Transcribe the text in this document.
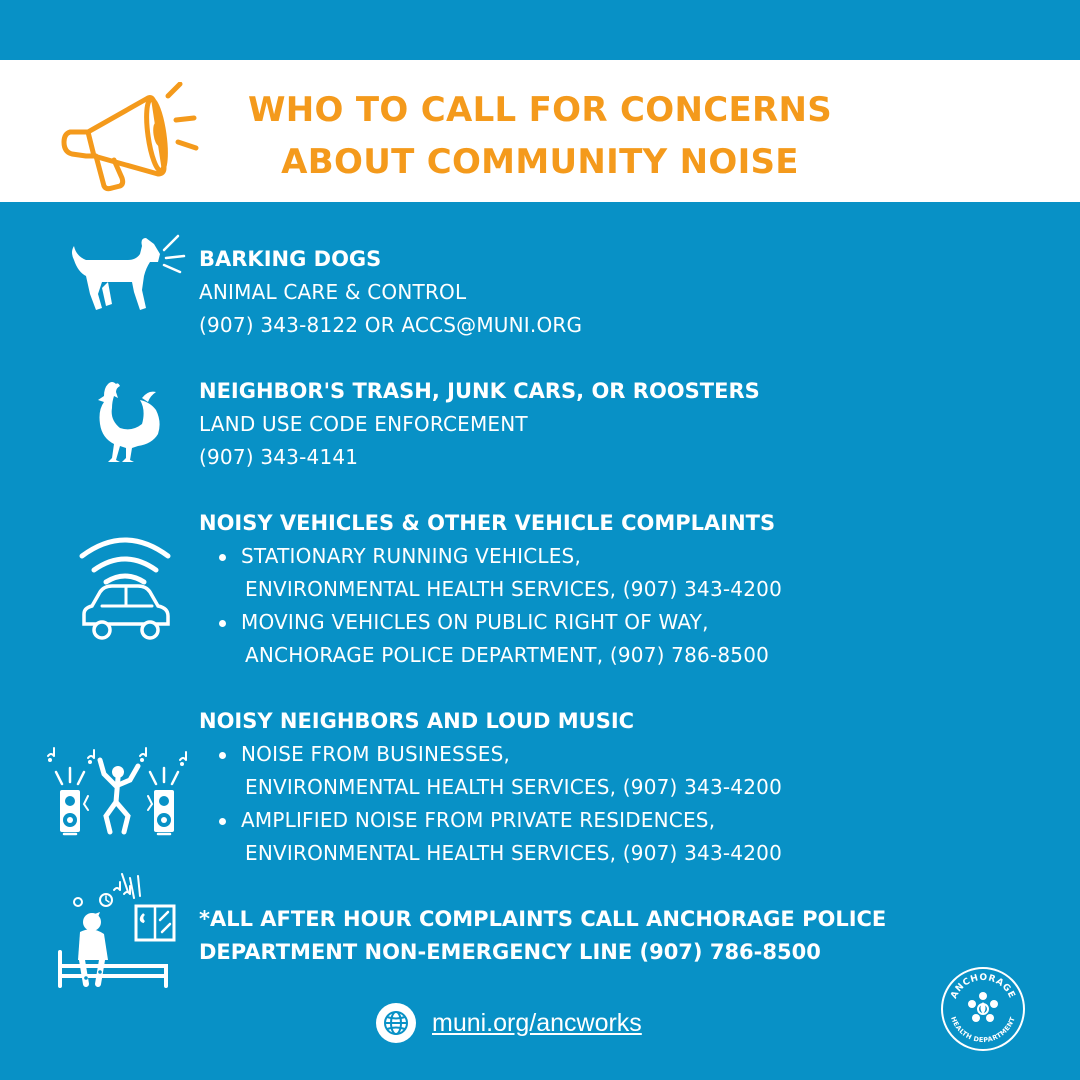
WHO TO CALL FOR CONCERNS
ABOUT COMMUNITY NOISE
BARKING DOGS
ANIMAL CARE & CONTROL
(907) 343-8122 OR ACCS@MUNI.ORG
NEIGHBOR'S TRASH, JUNK CARS, OR ROOSTERS
LAND USE CODE ENFORCEMENT
(907) 343-4141
NOISY VEHICLES & OTHER VEHICLE COMPLAINTS
STATIONARY RUNNING VEHICLES,
ENVIRONMENTAL HEALTH SERVICES, (907) 343-4200
MOVING VEHICLES ON PUBLIC RIGHT OF WAY,
ANCHORAGE POLICE DEPARTMENT, (907) 786-8500
NOISY NEIGHBORS AND LOUD MUSIC
NOISE FROM BUSINESSES,
ENVIRONMENTAL HEALTH SERVICES, (907) 343-4200
AMPLIFIED NOISE FROM PRIVATE RESIDENCES,
ENVIRONMENTAL HEALTH SERVICES, (907) 343-4200

*ALL AFTER HOUR COMPLAINTS CALL ANCHORAGE POLICE
DEPARTMENT NON-EMERGENCY LINE (907) 786-8500

muni.org/ancworks
ANCHORAGE
HEALTH DEPARTMENT
